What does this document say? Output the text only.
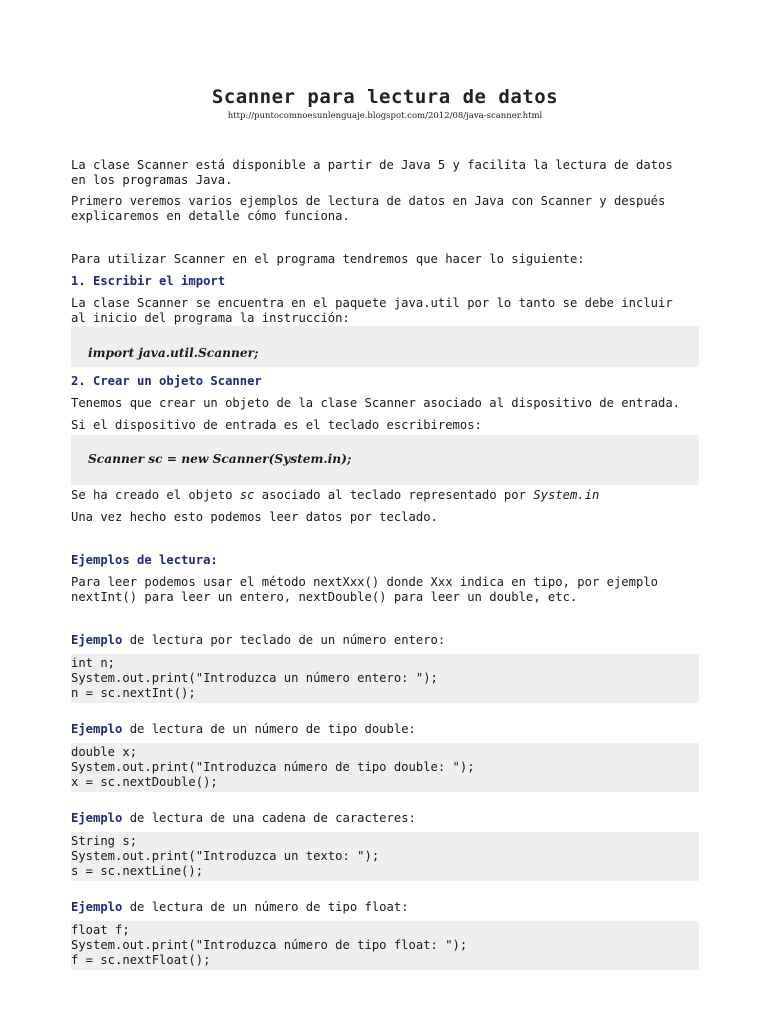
Scanner para lectura de datos
http://puntocomnoesunlenguaje.blogspot.com/2012/08/java-scanner.html

La clase Scanner está disponible a partir de Java 5 y facilita la lectura de datos
en los programas Java.

Primero veremos varios ejemplos de lectura de datos en Java con Scanner y después
explicaremos en detalle cómo funciona.

Para utilizar Scanner en el programa tendremos que hacer lo siguiente:

1. Escribir el import

La clase Scanner se encuentra en el paquete java.util por lo tanto se debe incluir
al inicio del programa la instrucción:

import java.util.Scanner;

2. Crear un objeto Scanner

Tenemos que crear un objeto de la clase Scanner asociado al dispositivo de entrada.

Si el dispositivo de entrada es el teclado escribiremos:

Scanner sc = new Scanner(System.in);

Se ha creado el objeto sc asociado al teclado representado por System.in

Una vez hecho esto podemos leer datos por teclado.

Ejemplos de lectura:

Para leer podemos usar el método nextXxx() donde Xxx indica en tipo, por ejemplo
nextInt() para leer un entero, nextDouble() para leer un double, etc.

Ejemplo de lectura por teclado de un número entero:

int n;
System.out.print("Introduzca un número entero: ");
n = sc.nextInt();

Ejemplo de lectura de un número de tipo double:

double x;
System.out.print("Introduzca número de tipo double: ");
x = sc.nextDouble();

Ejemplo de lectura de una cadena de caracteres:

String s;
System.out.print("Introduzca un texto: ");
s = sc.nextLine();

Ejemplo de lectura de un número de tipo float:

float f;
System.out.print("Introduzca número de tipo float: ");
f = sc.nextFloat();
